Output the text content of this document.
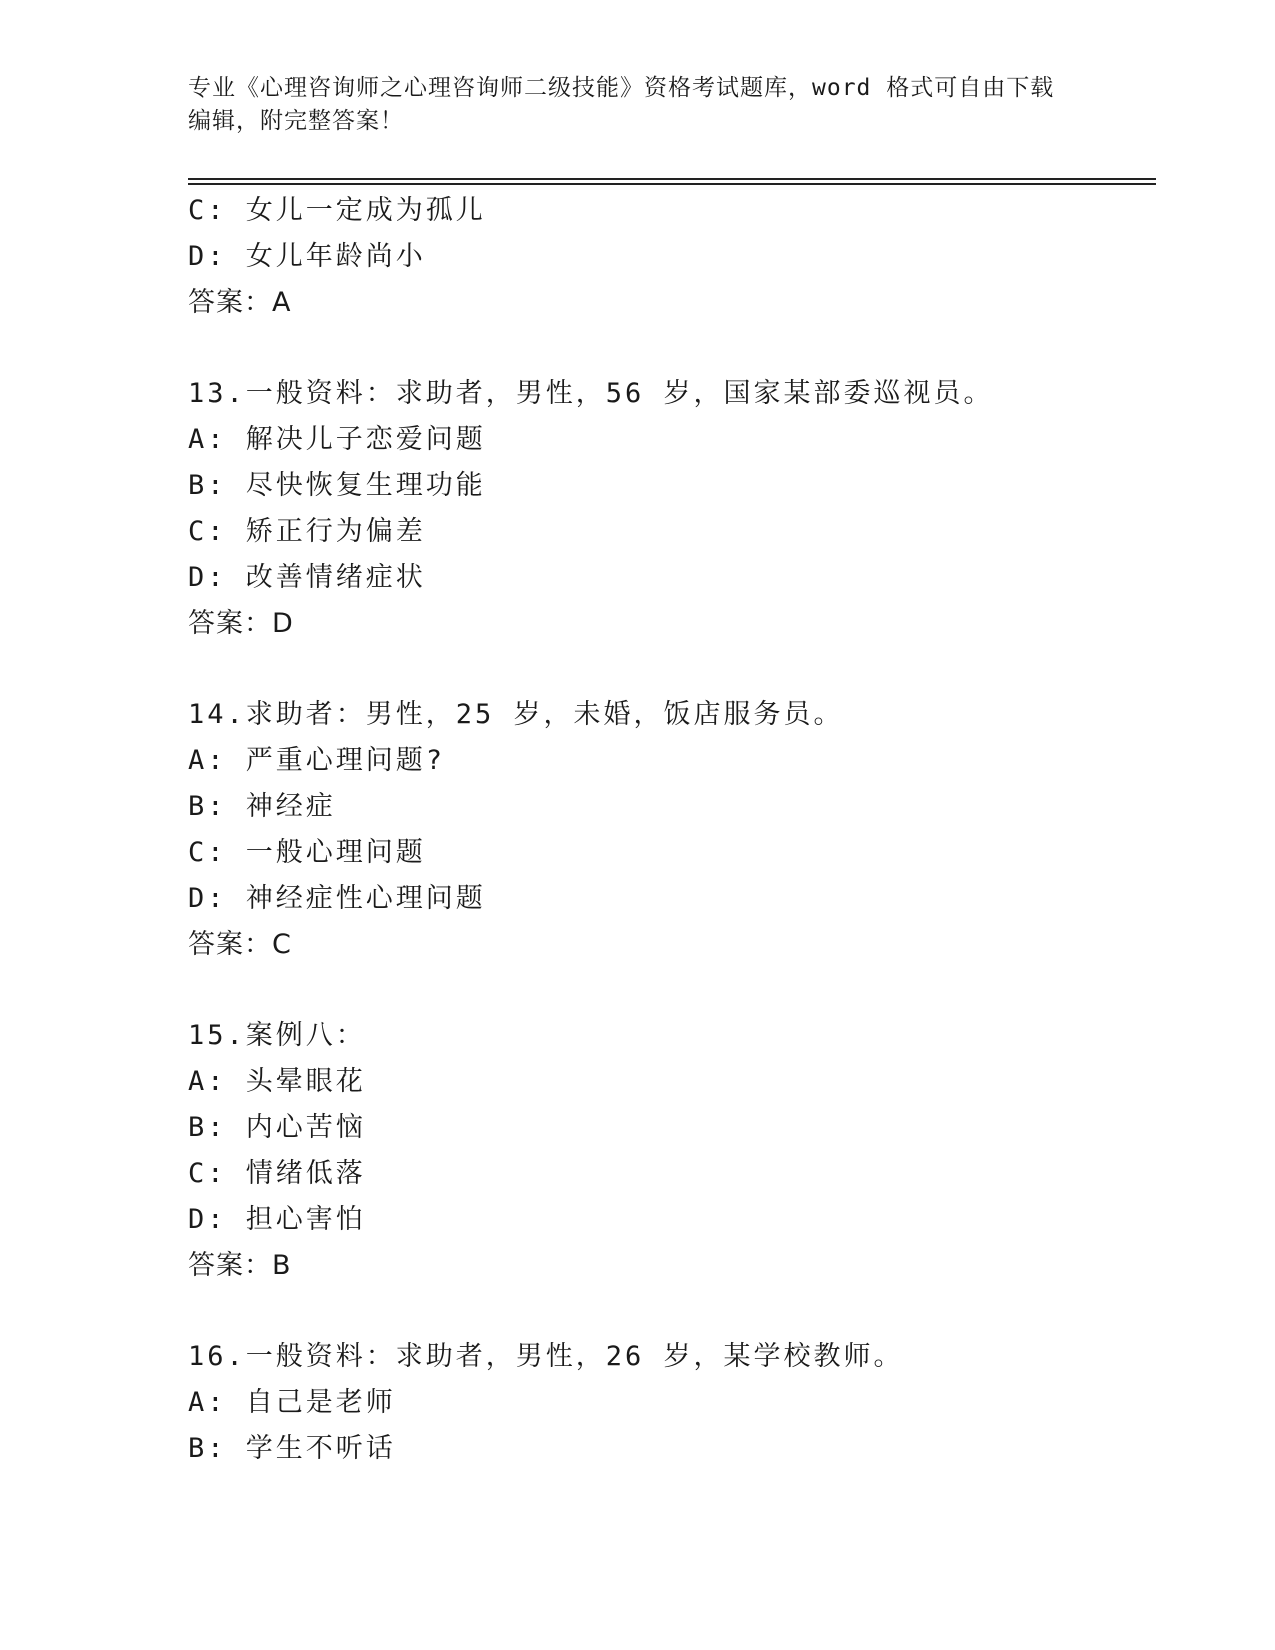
专业《心理咨询师之心理咨询师二级技能》资格考试题库，word 格式可自由下载
编辑，附完整答案！
C: 女儿一定成为孤儿
D: 女儿年龄尚小
答案：A
13.一般资料：求助者，男性，56 岁，国家某部委巡视员。
A: 解决儿子恋爱问题
B: 尽快恢复生理功能
C: 矫正行为偏差
D: 改善情绪症状
答案：D
14.求助者：男性，25 岁，未婚，饭店服务员。
A: 严重心理问题?
B: 神经症
C: 一般心理问题
D: 神经症性心理问题
答案：C
15.案例八：
A: 头晕眼花
B: 内心苦恼
C: 情绪低落
D: 担心害怕
答案：B
16.一般资料：求助者，男性，26 岁，某学校教师。
A: 自己是老师
B: 学生不听话
